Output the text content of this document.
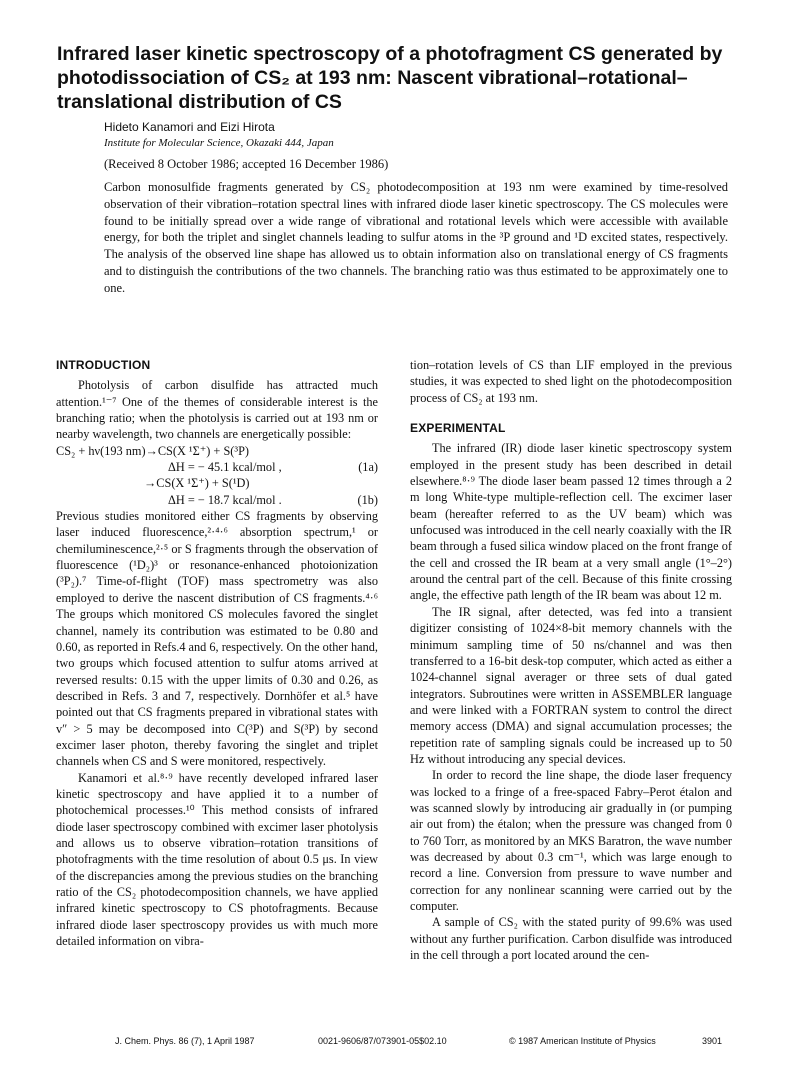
Infrared laser kinetic spectroscopy of a photofragment CS generated by photodissociation of CS₂ at 193 nm: Nascent vibrational–rotational–translational distribution of CS
Hideto Kanamori and Eizi Hirota
Institute for Molecular Science, Okazaki 444, Japan
(Received 8 October 1986; accepted 16 December 1986)

Carbon monosulfide fragments generated by CS₂ photodecomposition at 193 nm were examined by time-resolved observation of their vibration–rotation spectral lines with infrared diode laser kinetic spectroscopy. The CS molecules were found to be initially spread over a wide range of vibrational and rotational levels which were accessible with available energy, for both the triplet and singlet channels leading to sulfur atoms in the ³P ground and ¹D excited states, respectively. The analysis of the observed line shape has allowed us to obtain information also on translational energy of CS fragments and to distinguish the contributions of the two channels. The branching ratio was thus estimated to be approximately one to one.

INTRODUCTION

Photolysis of carbon disulfide has attracted much attention.¹⁻⁷ One of the themes of considerable interest is the branching ratio; when the photolysis is carried out at 193 nm or nearby wavelength, two channels are energetically possible:

CS₂ + hν(193 nm)→CS(X ¹Σ⁺) + S(³P)
ΔH = − 45.1 kcal/mol ,	(1a)
→CS(X ¹Σ⁺) + S(¹D)
ΔH = − 18.7 kcal/mol .	(1b)

Previous studies monitored either CS fragments by observing laser induced fluorescence,²·⁴·⁶ absorption spectrum,¹ or chemiluminescence,²·⁵ or S fragments through the observation of fluorescence (¹D₂)³ or resonance-enhanced photoionization (³P₂).⁷ Time-of-flight (TOF) mass spectrometry was also employed to derive the nascent distribution of CS fragments.⁴·⁶ The groups which monitored CS molecules favored the singlet channel, namely its contribution was estimated to be 0.80 and 0.60, as reported in Refs.4 and 6, respectively. On the other hand, two groups which focused attention to sulfur atoms arrived at reversed results: 0.15 with the upper limits of 0.30 and 0.26, as described in Refs. 3 and 7, respectively. Dornhöfer et al.⁵ have pointed out that CS fragments prepared in vibrational states with v″ > 5 may be decomposed into C(³P) and S(³P) by second excimer laser photon, thereby favoring the singlet and triplet channels when CS and S were monitored, respectively.

Kanamori et al.⁸·⁹ have recently developed infrared laser kinetic spectroscopy and have applied it to a number of photochemical processes.¹⁰ This method consists of infrared diode laser spectroscopy combined with excimer laser photolysis and allows us to observe vibration–rotation transitions of photofragments with the time resolution of about 0.5 μs. In view of the discrepancies among the previous studies on the branching ratio of the CS₂ photodecomposition channels, we have applied infrared kinetic spectroscopy to CS photofragments. Because infrared diode laser spectroscopy provides us with much more detailed information on vibra-

tion–rotation levels of CS than LIF employed in the previous studies, it was expected to shed light on the photodecomposition process of CS₂ at 193 nm.

EXPERIMENTAL

The infrared (IR) diode laser kinetic spectroscopy system employed in the present study has been described in detail elsewhere.⁸·⁹ The diode laser beam passed 12 times through a 2 m long White-type multiple-reflection cell. The excimer laser beam (hereafter referred to as the UV beam) which was unfocused was introduced in the cell nearly coaxially with the IR beam through a fused silica window placed on the front frange of the cell and crossed the IR beam at a very small angle (1°–2°) around the central part of the cell. Because of this finite crossing angle, the effective path length of the IR beam was about 12 m.

The IR signal, after detected, was fed into a transient digitizer consisting of 1024×8-bit memory channels with the minimum sampling time of 50 ns/channel and was then transferred to a 16-bit desk-top computer, which acted as either a 1024-channel signal averager or three sets of dual gated integrators. Subroutines were written in ASSEMBLER language and were linked with a FORTRAN system to control the direct memory access (DMA) and signal accumulation processes; the repetition rate of sampling signals could be increased up to 50 Hz without introducing any special devices.

In order to record the line shape, the diode laser frequency was locked to a fringe of a free-spaced Fabry–Perot étalon and was scanned slowly by introducing air gradually in (or pumping air out from) the étalon; when the pressure was changed from 0 to 760 Torr, as monitored by an MKS Baratron, the wave number was decreased by about 0.3 cm⁻¹, which was large enough to record a line. Conversion from pressure to wave number and correction for any nonlinear scanning were carried out by the computer.

A sample of CS₂ with the stated purity of 99.6% was used without any further purification. Carbon disulfide was introduced in the cell through a port located around the cen-

J. Chem. Phys. 86 (7), 1 April 1987	0021-9606/87/073901-05$02.10	© 1987 American Institute of Physics	3901
